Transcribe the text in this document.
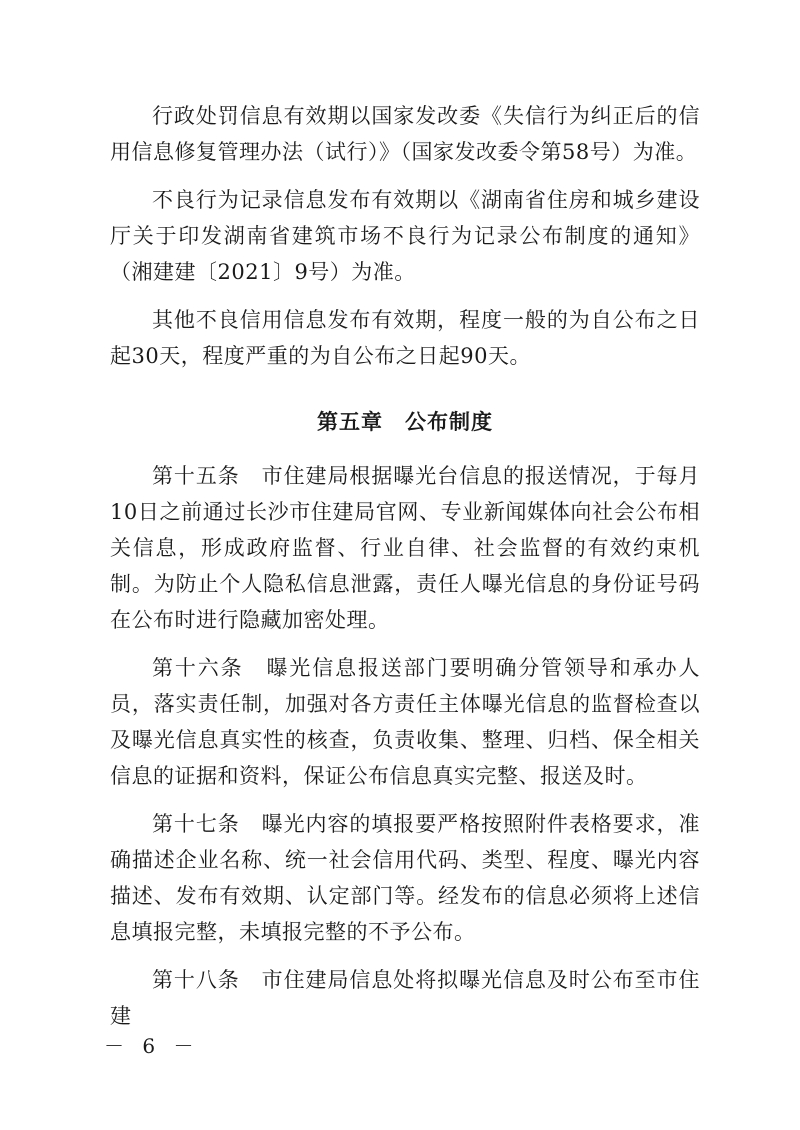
行政处罚信息有效期以国家发改委《失信行为纠正后的信用信息修复管理办法（试行）》（国家发改委令第58号）为准。

不良行为记录信息发布有效期以《湖南省住房和城乡建设厅关于印发湖南省建筑市场不良行为记录公布制度的通知》（湘建建〔2021〕9号）为准。

其他不良信用信息发布有效期，程度一般的为自公布之日起30天，程度严重的为自公布之日起90天。

第五章　公布制度

第十五条　市住建局根据曝光台信息的报送情况，于每月10日之前通过长沙市住建局官网、专业新闻媒体向社会公布相关信息，形成政府监督、行业自律、社会监督的有效约束机制。为防止个人隐私信息泄露，责任人曝光信息的身份证号码在公布时进行隐藏加密处理。

第十六条　曝光信息报送部门要明确分管领导和承办人员，落实责任制，加强对各方责任主体曝光信息的监督检查以及曝光信息真实性的核查，负责收集、整理、归档、保全相关信息的证据和资料，保证公布信息真实完整、报送及时。

第十七条　曝光内容的填报要严格按照附件表格要求，准确描述企业名称、统一社会信用代码、类型、程度、曝光内容描述、发布有效期、认定部门等。经发布的信息必须将上述信息填报完整，未填报完整的不予公布。

第十八条　市住建局信息处将拟曝光信息及时公布至市住建

－ 6 －
